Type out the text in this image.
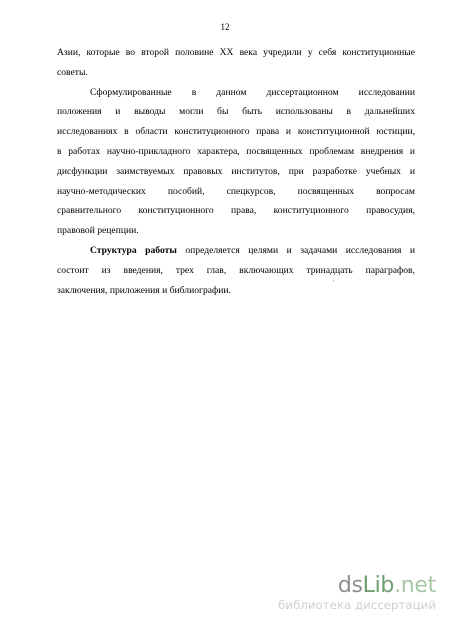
12
Азии, которые во второй половине XX века учредили у себя конституционные
советы.
Сформулированные в данном диссертационном исследовании
положения и выводы могли бы быть использованы в дальнейших
исследованиях в области конституционного права и конституционной юстиции,
в работах научно-прикладного характера, посвященных проблемам внедрения и
дисфункции заимствуемых правовых институтов, при разработке учебных и
научно-методических пособий, спецкурсов, посвященных вопросам
сравнительного конституционного права, конституционного правосудия,
правовой рецепции.
Структура работы определяется целями и задачами исследования и
состоит из введения, трех глав, включающих тринадцать параграфов,
заключения, приложения и библиографии.
'
dsLib.net
библиотека диссертаций
